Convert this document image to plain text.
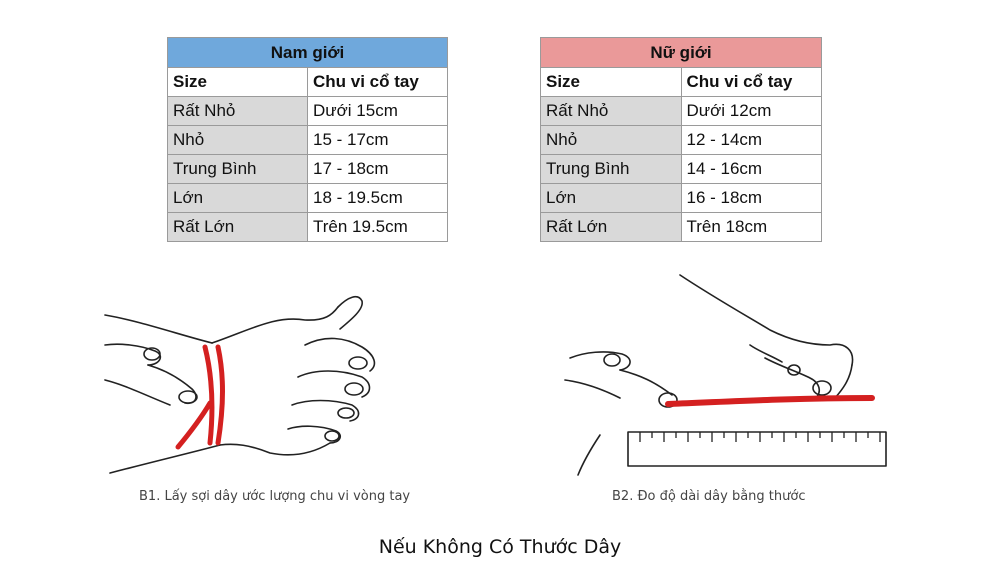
Nam giới	
Size	Chu vi cổ tay
Rất Nhỏ	Dưới 15cm
Nhỏ	15 - 17cm
Trung Bình	17 - 18cm
Lớn	18 - 19.5cm
Rất Lớn	Trên 19.5cm
Nữ giới	
Size	Chu vi cổ tay
Rất Nhỏ	Dưới 12cm
Nhỏ	12 - 14cm
Trung Bình	14 - 16cm
Lớn	16 - 18cm
Rất Lớn	Trên 18cm
B1. Lấy sợi dây ước lượng chu vi vòng tay	B2. Đo độ dài dây bằng thước
Nếu Không Có Thước Dây
